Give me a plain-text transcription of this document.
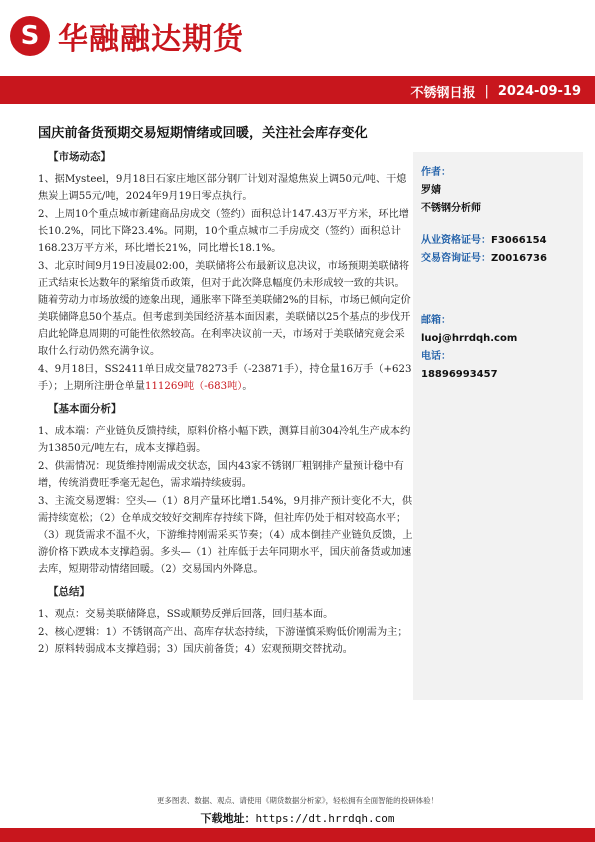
S 华融融达期货
不锈钢日报 | 2024-09-19
国庆前备货预期交易短期情绪或回暖，关注社会库存变化
【市场动态】
1、据Mysteel，9月18日石家庄地区部分钢厂计划对湿熄焦炭上调50元/吨、干熄焦炭上调55元/吨，2024年9月19日零点执行。
2、上周10个重点城市新建商品房成交（签约）面积总计147.43万平方米，环比增长10.2%，同比下降23.4%。同期，10个重点城市二手房成交（签约）面积总计168.23万平方米，环比增长21%，同比增长18.1%。
3、北京时间9月19日凌晨02:00，美联储将公布最新议息决议，市场预期美联储将正式结束长达数年的紧缩货币政策，但对于此次降息幅度仍未形成较一致的共识。随着劳动力市场放缓的迹象出现，通胀率下降至美联储2%的目标，市场已倾向定价美联储降息50个基点。但考虑到美国经济基本面因素，美联储以25个基点的步伐开启此轮降息周期的可能性依然较高。在利率决议前一天，市场对于美联储究竟会采取什么行动仍然充满争议。
4、9月18日，SS2411单日成交量78273手（-23871手），持仓量16万手（+623手）；上期所注册仓单量111269吨（-683吨）。
【基本面分析】
1、成本端：产业链负反馈持续，原料价格小幅下跌，测算目前304冷轧生产成本约为13850元/吨左右，成本支撑趋弱。
2、供需情况：现货维持刚需成交状态，国内43家不锈钢厂粗钢排产量预计稳中有增，传统消费旺季毫无起色，需求端持续疲弱。
3、主流交易逻辑：空头—（1）8月产量环比增1.54%，9月排产预计变化不大，供需持续宽松；（2）仓单成交较好交割库存持续下降，但社库仍处于相对较高水平；（3）现货需求不温不火，下游维持刚需采买节奏；（4）成本倒挂产业链负反馈，上游价格下跌成本支撑趋弱。多头—（1）社库低于去年同期水平，国庆前备货或加速去库，短期带动情绪回暖。（2）交易国内外降息。
【总结】
1、观点：交易美联储降息，SS或顺势反弹后回落，回归基本面。
2、核心逻辑：1）不锈钢高产出、高库存状态持续，下游谨慎采购低价刚需为主；2）原料转弱成本支撑趋弱；3）国庆前备货；4）宏观预期交替扰动。
作者：
罗婧
不锈钢分析师
从业资格证号：F3066154
交易咨询证号：Z0016736
邮箱：
luoj@hrrdqh.com
电话：
18896993457
更多图表、数据、观点、请使用《期货数据分析家》，轻松拥有全面智能的投研体验！
下载地址： https://dt.hrrdqh.com
